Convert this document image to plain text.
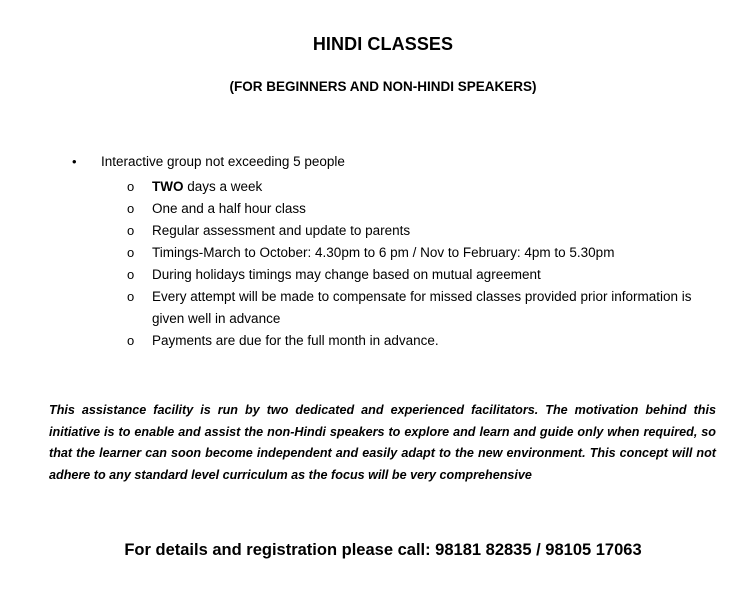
HINDI CLASSES
(FOR BEGINNERS AND NON-HINDI SPEAKERS)
•	Interactive group not exceeding 5 people
o TWO days a week
o One and a half hour class
o Regular assessment and update to parents
o Timings-March to October: 4.30pm to 6 pm / Nov to February: 4pm to 5.30pm
o During holidays timings may change based on mutual agreement
o Every attempt will be made to compensate for missed classes provided prior information is given well in advance
o Payments are due for the full month in advance.

This assistance facility is run by two dedicated and experienced facilitators. The motivation behind this initiative is to enable and assist the non-Hindi speakers to explore and learn and guide only when required, so that the learner can soon become independent and easily adapt to the new environment. This concept will not adhere to any standard level curriculum as the focus will be very comprehensive

For details and registration please call: 98181 82835 / 98105 17063
